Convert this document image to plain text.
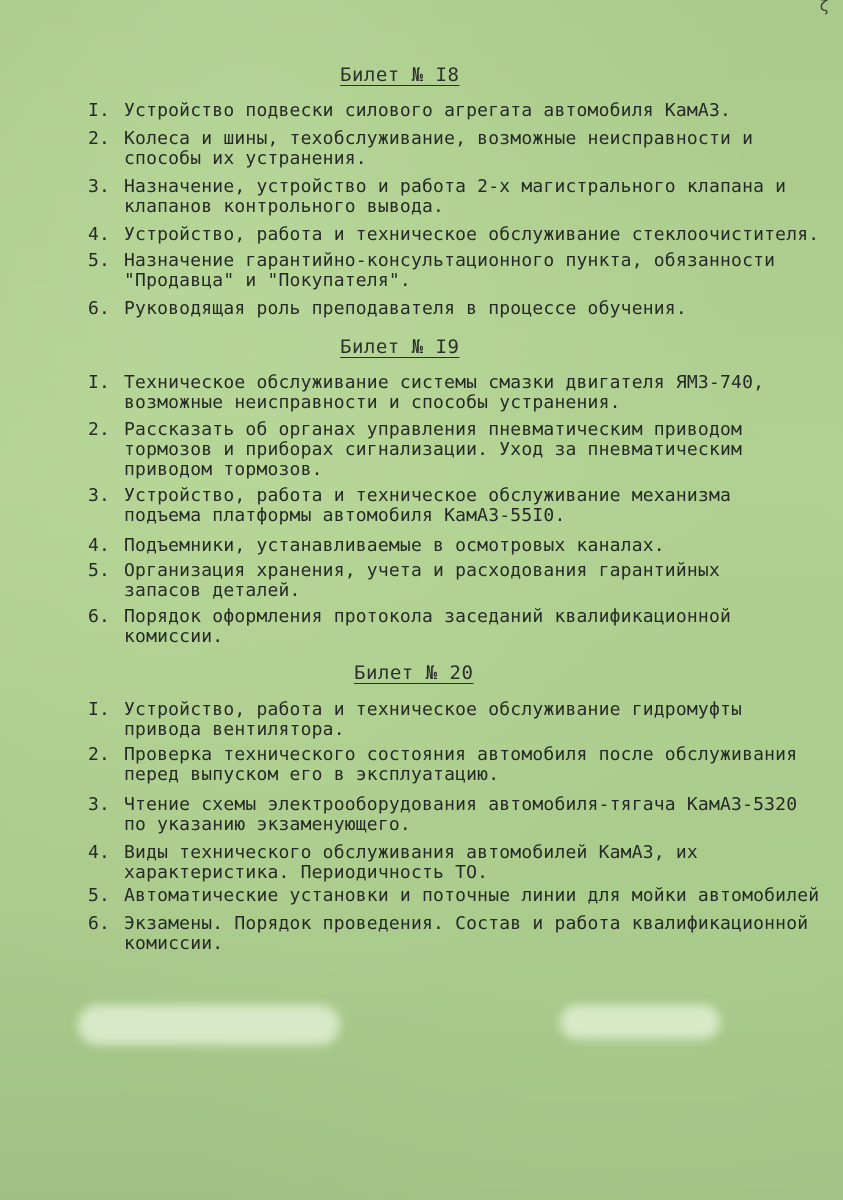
ζ
Билет № I8
I. Устройство подвески силового агрегата автомобиля КамАЗ.
2. Колеса и шины, техобслуживание, возможные неисправности и
способы их устранения.
3. Назначение, устройство и работа 2-х магистрального клапана и
клапанов контрольного вывода.
4. Устройство, работа и техническое обслуживание стеклоочистителя.
5. Назначение гарантийно-консультационного пункта, обязанности
"Продавца" и "Покупателя".
6. Руководящая роль преподавателя в процессе обучения.
Билет № I9
I. Техническое обслуживание системы смазки двигателя ЯМЗ-740,
возможные неисправности и способы устранения.
2. Рассказать об органах управления пневматическим приводом
тормозов и приборах сигнализации. Уход за пневматическим
приводом тормозов.
3. Устройство, работа и техническое обслуживание механизма
подъема платформы автомобиля КамАЗ-55I0.
4. Подъемники, устанавливаемые в осмотровых каналах.
5. Организация хранения, учета и расходования гарантийных
запасов деталей.
6. Порядок оформления протокола заседаний квалификационной
комиссии.
Билет № 20
I. Устройство, работа и техническое обслуживание гидромуфты
привода вентилятора.
2. Проверка технического состояния автомобиля после обслуживания
перед выпуском его в эксплуатацию.
3. Чтение схемы электрооборудования автомобиля-тягача КамАЗ-5320
по указанию экзаменующего.
4. Виды технического обслуживания автомобилей КамАЗ, их
характеристика. Периодичность ТО.
5. Автоматические установки и поточные линии для мойки автомобилей
6. Экзамены. Порядок проведения. Состав и работа квалификационной
комиссии.
